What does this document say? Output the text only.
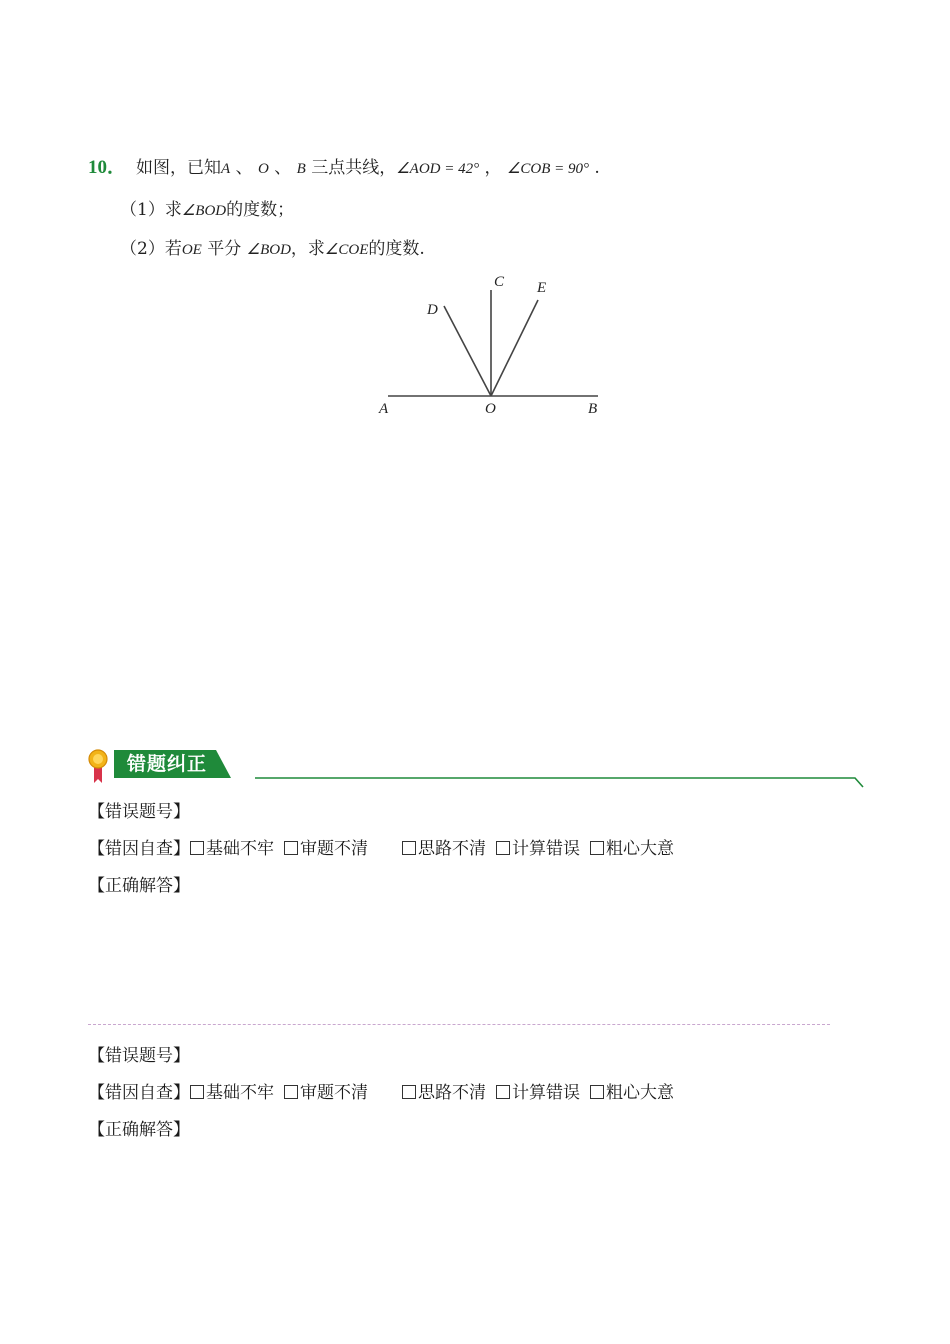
10． 如图，已知A 、 O 、 B 三点共线，∠AOD = 42° ， ∠COB = 90° .
（1）求∠BOD的度数；
（2）若OE 平分 ∠BOD，求∠COE的度数.
A	O	B
C
D
E
错题纠正
【错误题号】
【错因自查】 基础不牢 审题不清	思路不清 计算错误 粗心大意
【正确解答】
【错误题号】
【错因自查】 基础不牢 审题不清	思路不清 计算错误 粗心大意
【正确解答】
